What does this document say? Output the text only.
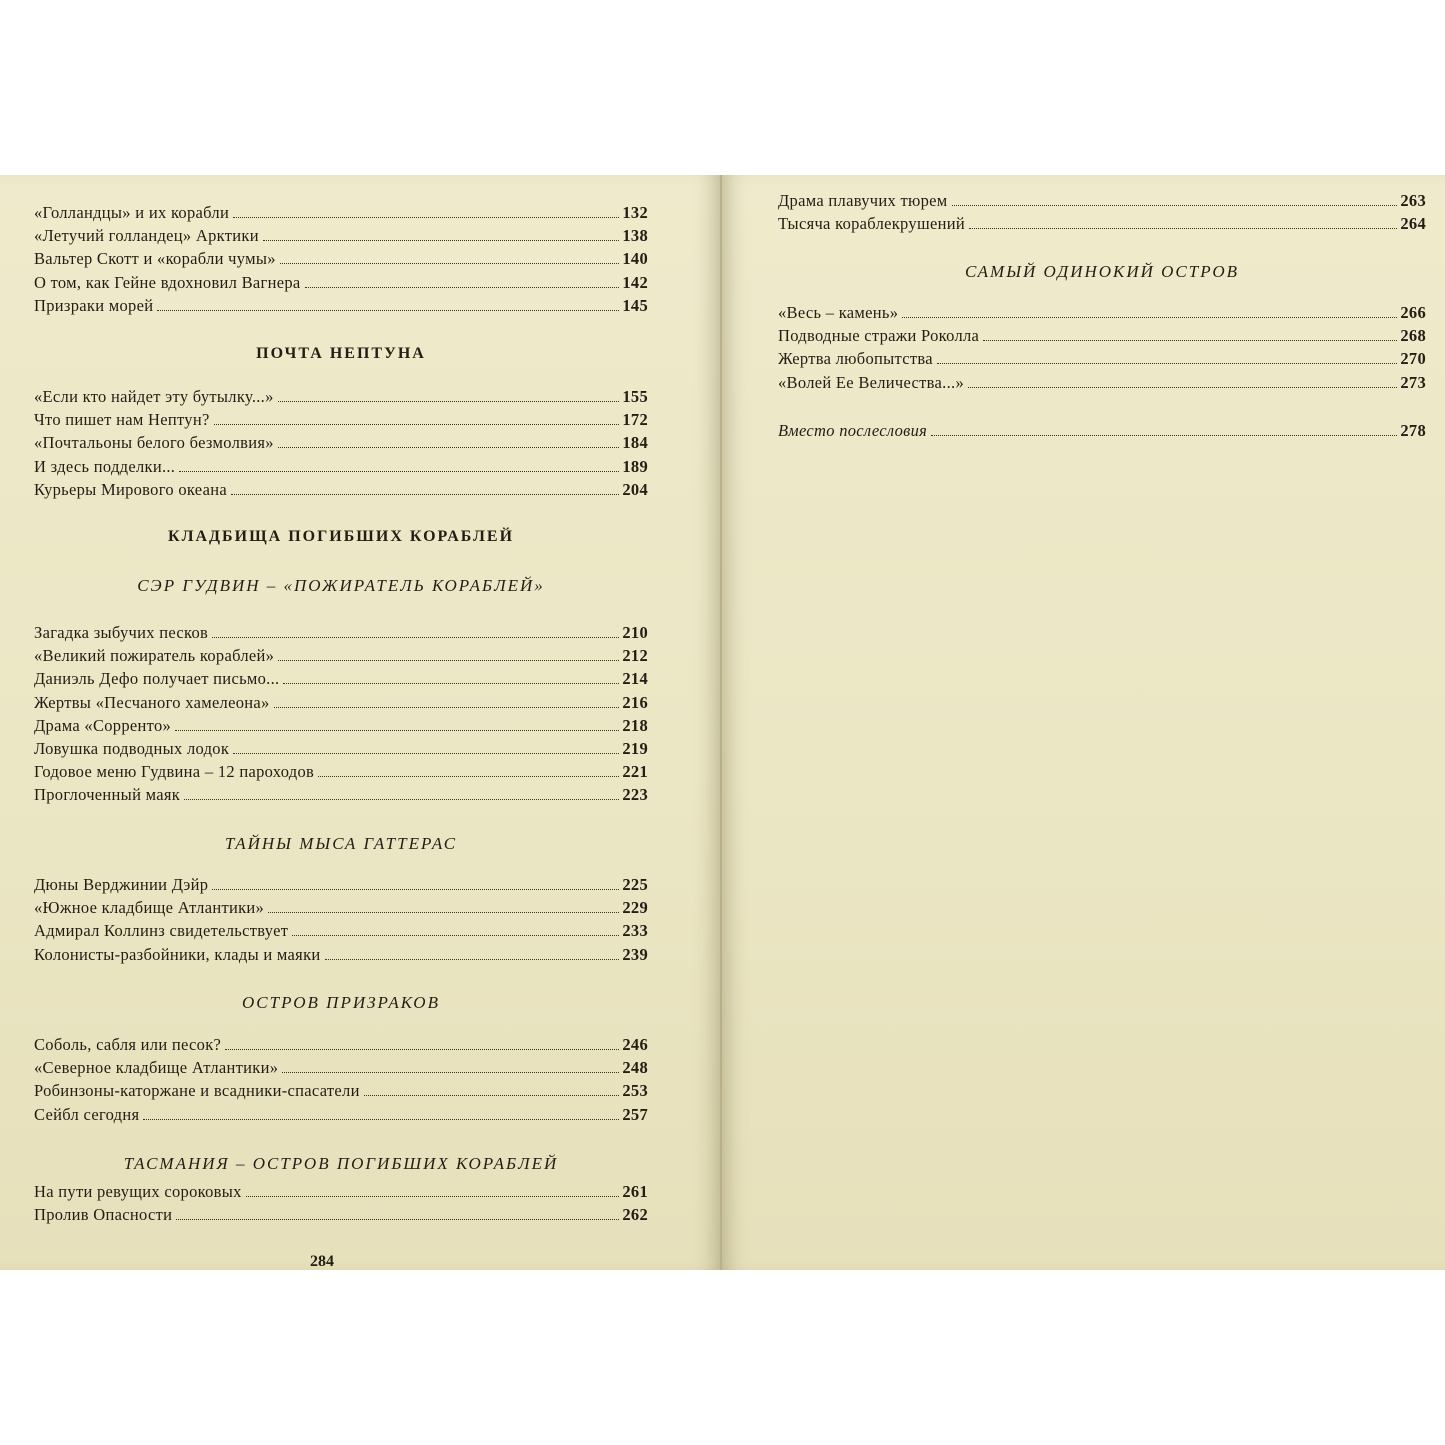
«Голландцы» и их корабли	132
«Летучий голландец» Арктики	138
Вальтер Скотт и «корабли чумы»	140
О том, как Гейне вдохновил Вагнера	142
Призраки морей	145
ПОЧТА НЕПТУНА
«Если кто найдет эту бутылку...»	155
Что пишет нам Нептун?	172
«Почтальоны белого безмолвия»	184
И здесь подделки...	189
Курьеры Мирового океана	204
КЛАДБИЩА ПОГИБШИХ КОРАБЛЕЙ
СЭР ГУДВИН – «ПОЖИРАТЕЛЬ КОРАБЛЕЙ»
Загадка зыбучих песков	210
«Великий пожиратель кораблей»	212
Даниэль Дефо получает письмо...	214
Жертвы «Песчаного хамелеона»	216
Драма «Сорренто»	218
Ловушка подводных лодок	219
Годовое меню Гудвина – 12 пароходов	221
Проглоченный маяк	223
ТАЙНЫ МЫСА ГАТТЕРАС
Дюны Верджинии Дэйр	225
«Южное кладбище Атлантики»	229
Адмирал Коллинз свидетельствует	233
Колонисты-разбойники, клады и маяки	239
ОСТРОВ ПРИЗРАКОВ
Соболь, сабля или песок?	246
«Северное кладбище Атлантики»	248
Робинзоны-каторжане и всадники-спасатели	253
Сейбл сегодня	257
ТАСМАНИЯ – ОСТРОВ ПОГИБШИХ КОРАБЛЕЙ
На пути ревущих сороковых	261
Пролив Опасности	262
284
Драма плавучих тюрем	263
Тысяча кораблекрушений	264
САМЫЙ ОДИНОКИЙ ОСТРОВ
«Весь – камень»	266
Подводные стражи Роколла	268
Жертва любопытства	270
«Волей Ее Величества...»	273
Вместо послесловия	278
